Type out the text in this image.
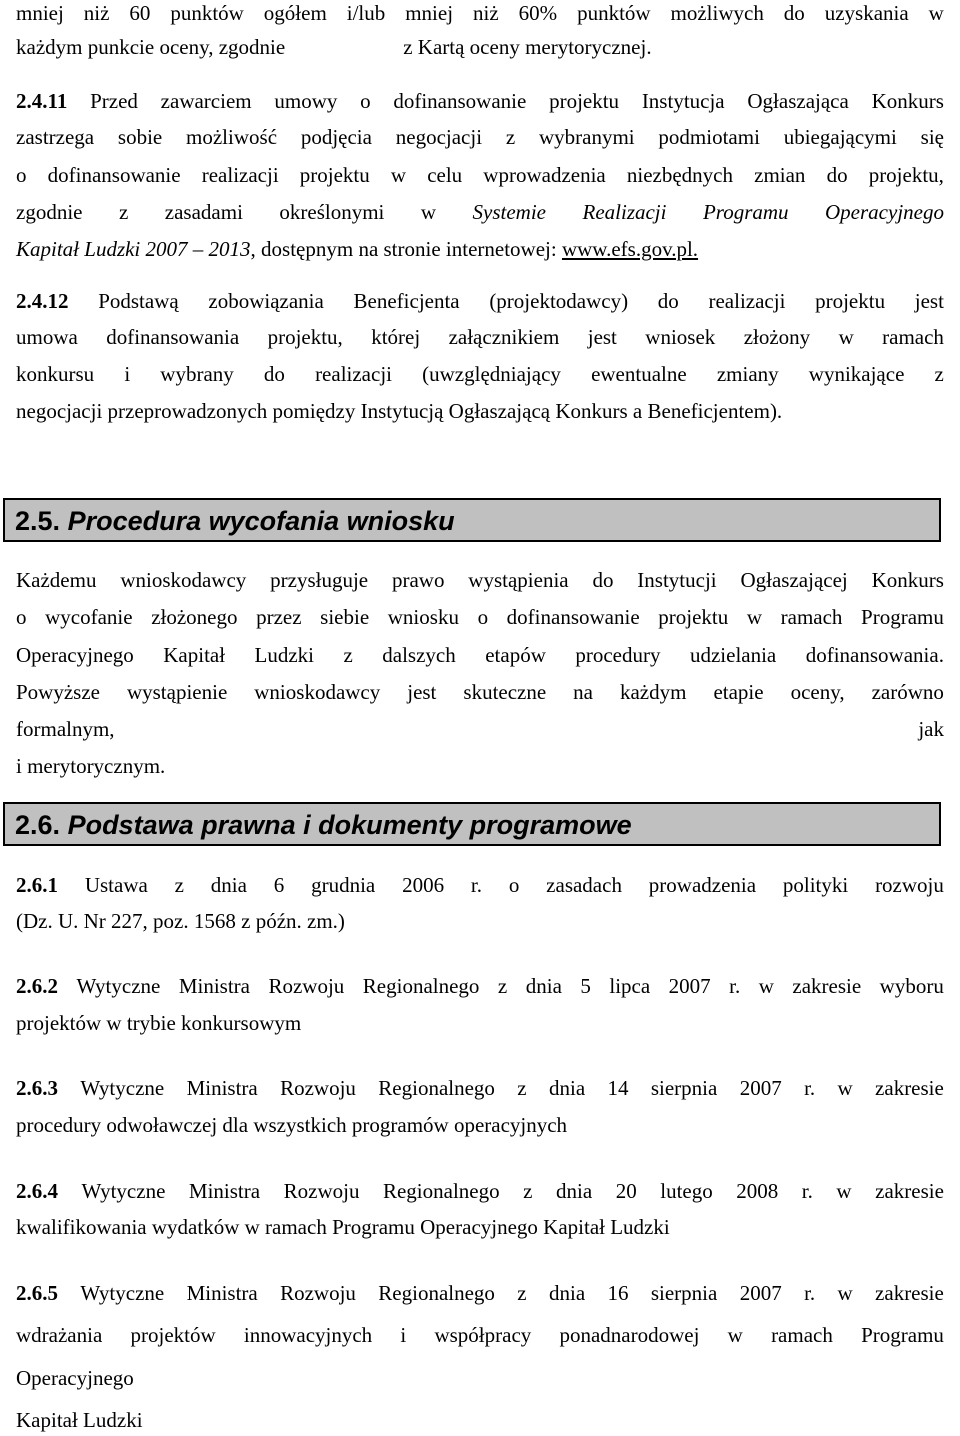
mniej niż 60 punktów ogółem i/lub mniej niż 60% punktów możliwych do uzyskania w
każdym punkcie oceny, zgodnie	z Kartą oceny merytorycznej.
2.4.11 Przed zawarciem umowy o dofinansowanie projektu Instytucja Ogłaszająca Konkurs
zastrzega sobie możliwość podjęcia negocjacji z wybranymi podmiotami ubiegającymi się
o dofinansowanie realizacji projektu w celu wprowadzenia niezbędnych zmian do projektu,
zgodnie z zasadami określonymi w Systemie Realizacji Programu Operacyjnego
Kapitał Ludzki 2007 – 2013, dostępnym na stronie internetowej: www.efs.gov.pl.
2.4.12 Podstawą zobowiązania Beneficjenta (projektodawcy) do realizacji projektu jest
umowa dofinansowania projektu, której załącznikiem jest wniosek złożony w ramach
konkursu i wybrany do realizacji (uwzględniający ewentualne zmiany wynikające z
negocjacji przeprowadzonych pomiędzy Instytucją Ogłaszającą Konkurs a Beneficjentem).
2.5. Procedura wycofania wniosku
Każdemu wnioskodawcy przysługuje prawo wystąpienia do Instytucji Ogłaszającej Konkurs
o wycofanie złożonego przez siebie wniosku o dofinansowanie projektu w ramach Programu
Operacyjnego Kapitał Ludzki z dalszych etapów procedury udzielania dofinansowania.
Powyższe wystąpienie wnioskodawcy jest skuteczne na każdym etapie oceny, zarówno
formalnym,	jak
i merytorycznym.
2.6. Podstawa prawna i dokumenty programowe
2.6.1 Ustawa z dnia 6 grudnia 2006 r. o zasadach prowadzenia polityki rozwoju
(Dz. U. Nr 227, poz. 1568 z późn. zm.)
2.6.2 Wytyczne Ministra Rozwoju Regionalnego z dnia 5 lipca 2007 r. w zakresie wyboru
projektów w trybie konkursowym
2.6.3 Wytyczne Ministra Rozwoju Regionalnego z dnia 14 sierpnia 2007 r. w zakresie
procedury odwoławczej dla wszystkich programów operacyjnych
2.6.4 Wytyczne Ministra Rozwoju Regionalnego z dnia 20 lutego 2008 r. w zakresie
kwalifikowania wydatków w ramach Programu Operacyjnego Kapitał Ludzki
2.6.5 Wytyczne Ministra Rozwoju Regionalnego z dnia 16 sierpnia 2007 r. w zakresie
wdrażania projektów innowacyjnych i współpracy ponadnarodowej w ramach Programu
Operacyjnego
Kapitał Ludzki
